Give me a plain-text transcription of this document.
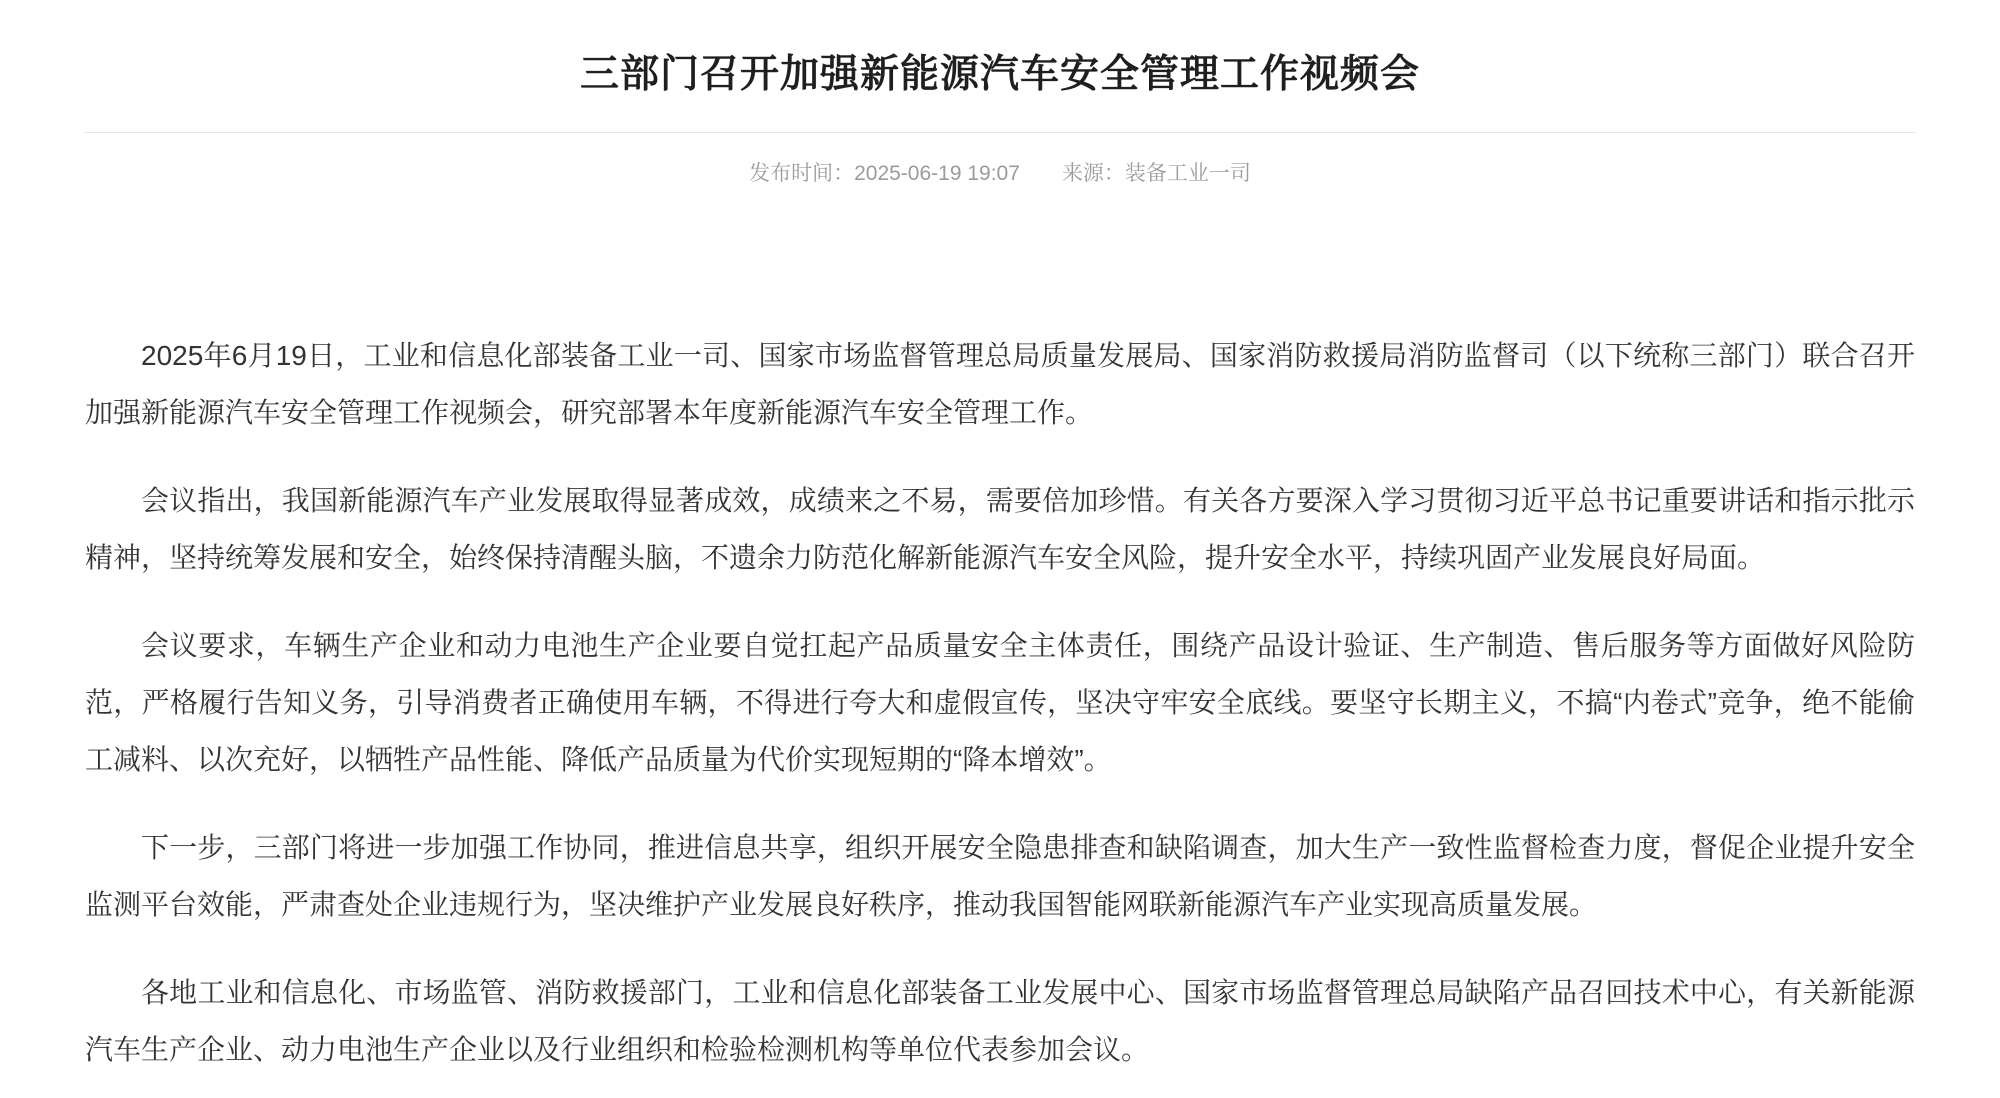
三部门召开加强新能源汽车安全管理工作视频会
发布时间：2025-06-19 19:07 来源：装备工业一司

2025年6月19日，工业和信息化部装备工业一司、国家市场监督管理总局质量发展局、国家消防救援局消防监督司（以下统称三部门）联合召开加强新能源汽车安全管理工作视频会，研究部署本年度新能源汽车安全管理工作。

会议指出，我国新能源汽车产业发展取得显著成效，成绩来之不易，需要倍加珍惜。有关各方要深入学习贯彻习近平总书记重要讲话和指示批示精神，坚持统筹发展和安全，始终保持清醒头脑，不遗余力防范化解新能源汽车安全风险，提升安全水平，持续巩固产业发展良好局面。

会议要求，车辆生产企业和动力电池生产企业要自觉扛起产品质量安全主体责任，围绕产品设计验证、生产制造、售后服务等方面做好风险防范，严格履行告知义务，引导消费者正确使用车辆，不得进行夸大和虚假宣传，坚决守牢安全底线。要坚守长期主义，不搞“内卷式”竞争，绝不能偷工减料、以次充好，以牺牲产品性能、降低产品质量为代价实现短期的“降本增效”。

下一步，三部门将进一步加强工作协同，推进信息共享，组织开展安全隐患排查和缺陷调查，加大生产一致性监督检查力度，督促企业提升安全监测平台效能，严肃查处企业违规行为，坚决维护产业发展良好秩序，推动我国智能网联新能源汽车产业实现高质量发展。

各地工业和信息化、市场监管、消防救援部门，工业和信息化部装备工业发展中心、国家市场监督管理总局缺陷产品召回技术中心，有关新能源汽车生产企业、动力电池生产企业以及行业组织和检验检测机构等单位代表参加会议。
